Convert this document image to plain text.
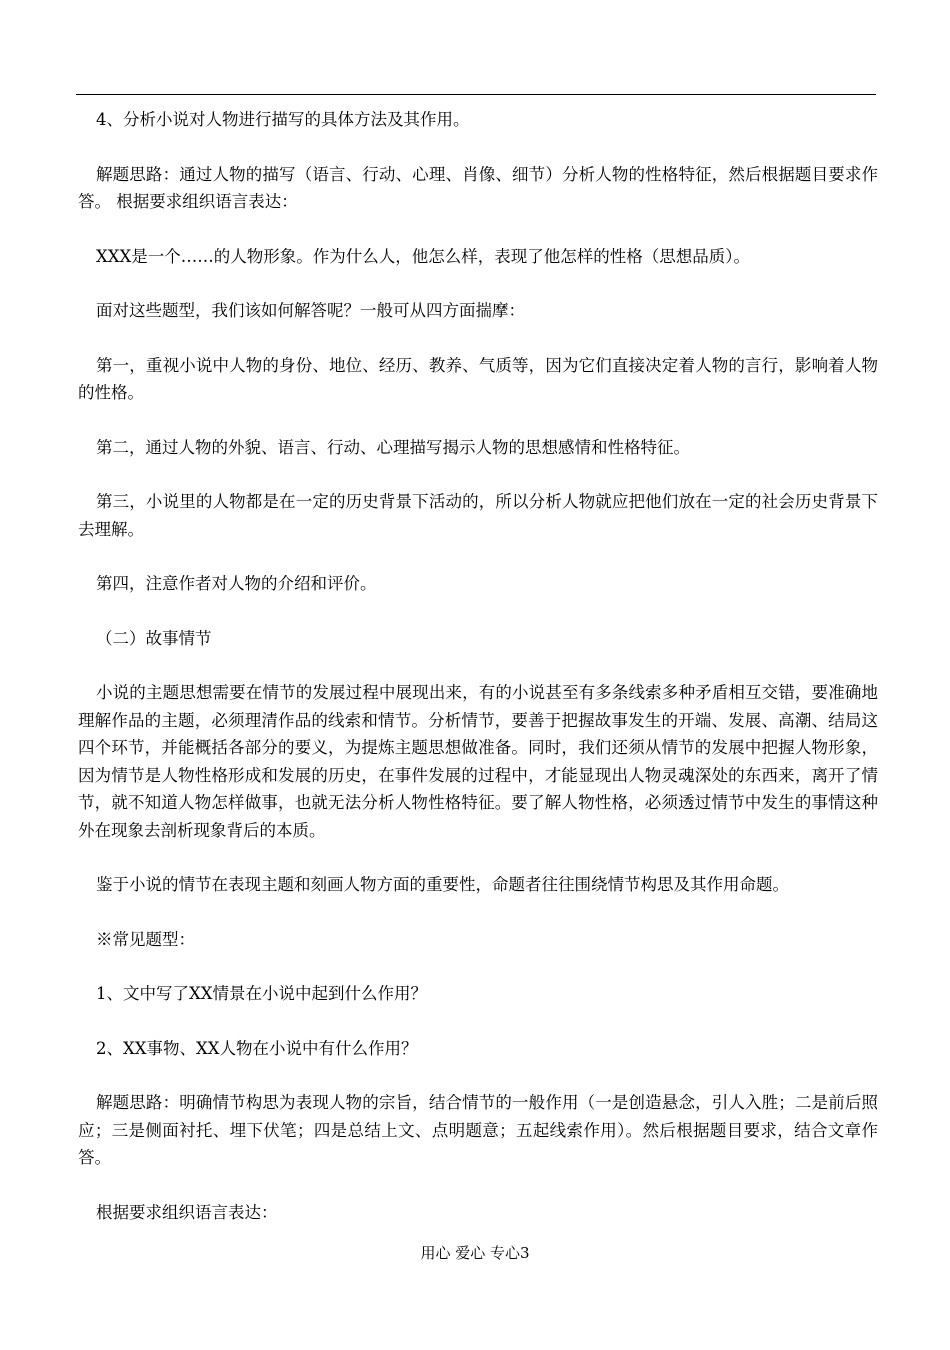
4、分析小说对人物进行描写的具体方法及其作用。

解题思路：通过人物的描写（语言、行动、心理、肖像、细节）分析人物的性格特征，然后根据题目要求作答。 根据要求组织语言表达：

XXX是一个……的人物形象。作为什么人，他怎么样，表现了他怎样的性格（思想品质）。

面对这些题型，我们该如何解答呢？一般可从四方面揣摩：

第一，重视小说中人物的身份、地位、经历、教养、气质等，因为它们直接决定着人物的言行，影响着人物的性格。

第二，通过人物的外貌、语言、行动、心理描写揭示人物的思想感情和性格特征。

第三，小说里的人物都是在一定的历史背景下活动的，所以分析人物就应把他们放在一定的社会历史背景下去理解。

第四，注意作者对人物的介绍和评价。

（二）故事情节

小说的主题思想需要在情节的发展过程中展现出来，有的小说甚至有多条线索多种矛盾相互交错，要准确地理解作品的主题，必须理清作品的线索和情节。分析情节，要善于把握故事发生的开端、发展、高潮、结局这四个环节，并能概括各部分的要义，为提炼主题思想做准备。同时，我们还须从情节的发展中把握人物形象，因为情节是人物性格形成和发展的历史，在事件发展的过程中，才能显现出人物灵魂深处的东西来，离开了情节，就不知道人物怎样做事，也就无法分析人物性格特征。要了解人物性格，必须透过情节中发生的事情这种外在现象去剖析现象背后的本质。

鉴于小说的情节在表现主题和刻画人物方面的重要性，命题者往往围绕情节构思及其作用命题。

※常见题型：

1、文中写了XX情景在小说中起到什么作用？

2、XX事物、XX人物在小说中有什么作用？

解题思路：明确情节构思为表现人物的宗旨，结合情节的一般作用（一是创造悬念，引人入胜；二是前后照应；三是侧面衬托、埋下伏笔；四是总结上文、点明题意；五起线索作用）。然后根据题目要求，结合文章作答。

根据要求组织语言表达：

用心 爱心 专心3
